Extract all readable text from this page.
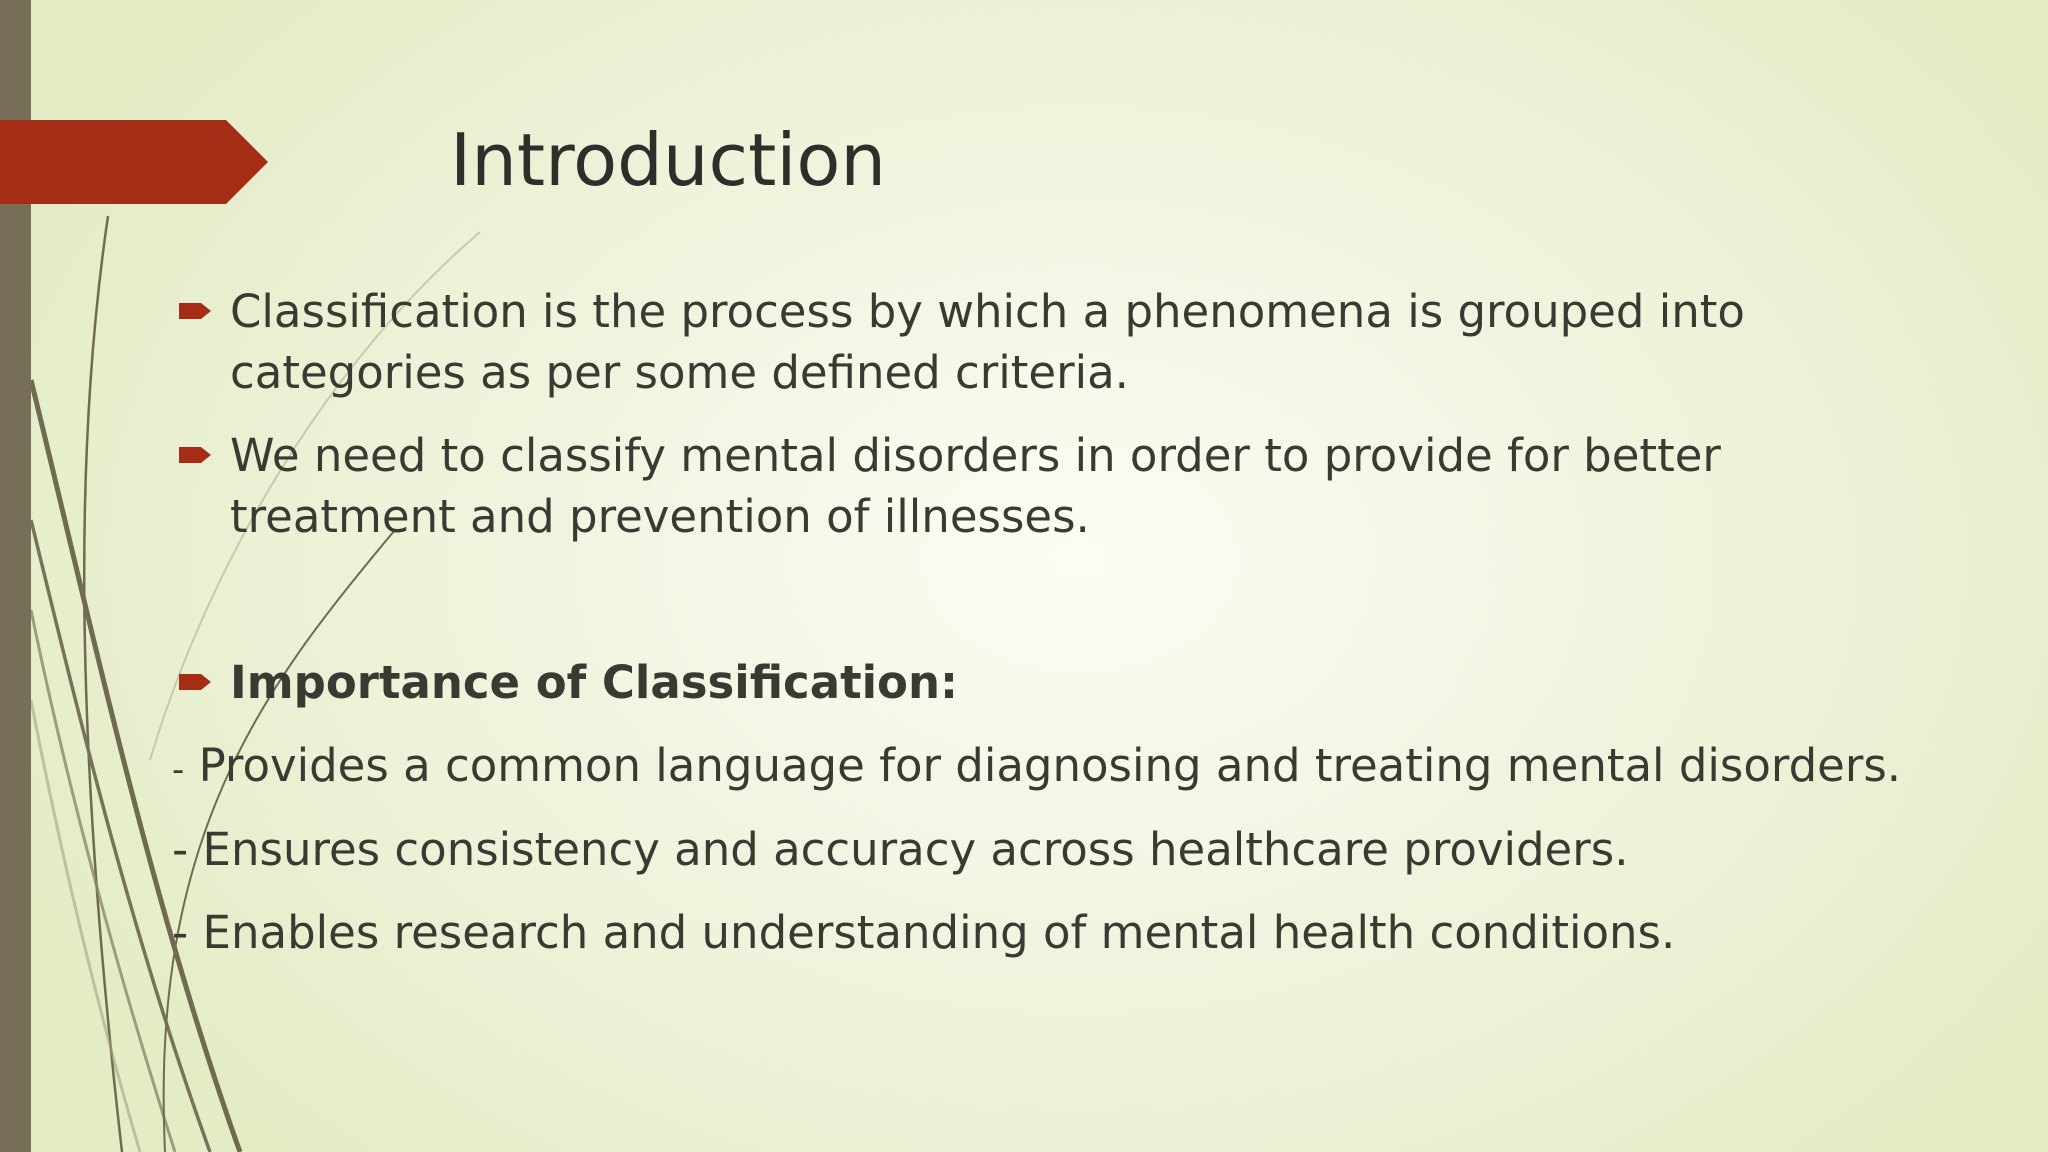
Introduction
Classification is the process by which a phenomena is grouped into categories as per some defined criteria.
We need to classify mental disorders in order to provide for better treatment and prevention of illnesses.
Importance of Classification:
- Provides a common language for diagnosing and treating mental disorders.
- Ensures consistency and accuracy across healthcare providers.
- Enables research and understanding of mental health conditions.
